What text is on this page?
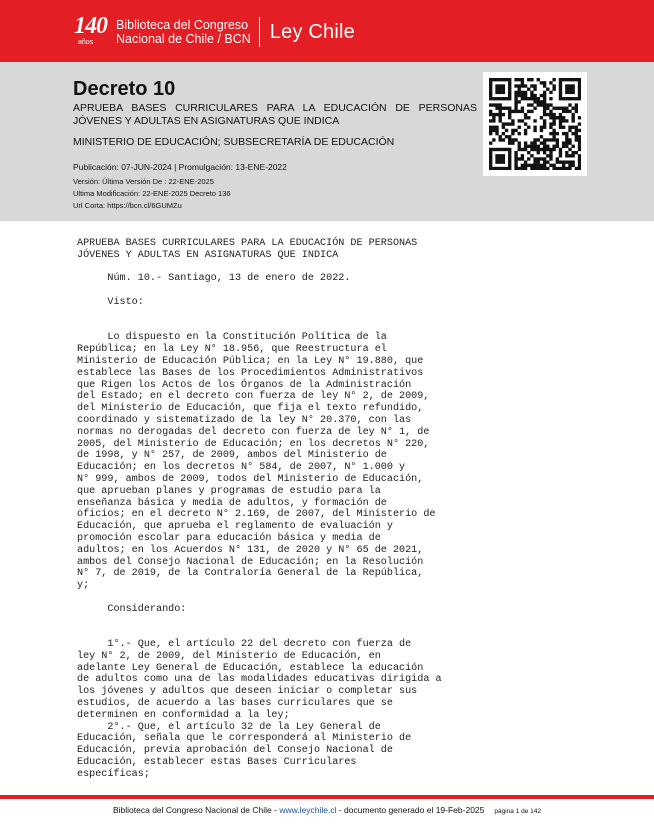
140
años
Biblioteca del Congreso
Nacional de Chile / BCN Ley Chile
Decreto 10
APRUEBA BASES CURRICULARES PARA LA EDUCACIÓN DE PERSONAS JÓVENES Y ADULTAS EN ASIGNATURAS QUE INDICA
MINISTERIO DE EDUCACIÓN; SUBSECRETARÍA DE EDUCACIÓN
Publicación: 07-JUN-2024 | Promulgación: 13-ENE-2022
Versión: Última Versión De : 22-ENE-2025
Ultima Modificación: 22-ENE-2025 Decreto 136
Url Corta: https://bcn.cl/6GUMZu
APRUEBA BASES CURRICULARES PARA LA EDUCACIÓN DE PERSONAS
JÓVENES Y ADULTAS EN ASIGNATURAS QUE INDICA

Núm. 10.- Santiago, 13 de enero de 2022.

Visto:

Lo dispuesto en la Constitución Política de la
República; en la Ley N° 18.956, que Reestructura el
Ministerio de Educación Pública; en la Ley N° 19.880, que
establece las Bases de los Procedimientos Administrativos
que Rigen los Actos de los Órganos de la Administración
del Estado; en el decreto con fuerza de ley N° 2, de 2009,
del Ministerio de Educación, que fija el texto refundido,
coordinado y sistematizado de la ley N° 20.370, con las
normas no derogadas del decreto con fuerza de ley N° 1, de
2005, del Ministerio de Educación; en los decretos N° 220,
de 1998, y N° 257, de 2009, ambos del Ministerio de
Educación; en los decretos N° 584, de 2007, N° 1.000 y
N° 999, ambos de 2009, todos del Ministerio de Educación,
que aprueban planes y programas de estudio para la
enseñanza básica y media de adultos, y formación de
oficios; en el decreto N° 2.169, de 2007, del Ministerio de
Educación, que aprueba el reglamento de evaluación y
promoción escolar para educación básica y media de
adultos; en los Acuerdos N° 131, de 2020 y N° 65 de 2021,
ambos del Consejo Nacional de Educación; en la Resolución
N° 7, de 2019, de la Contraloría General de la República,
y;

Considerando:

1°.- Que, el artículo 22 del decreto con fuerza de
ley N° 2, de 2009, del Ministerio de Educación, en
adelante Ley General de Educación, establece la educación
de adultos como una de las modalidades educativas dirigida a
los jóvenes y adultos que deseen iniciar o completar sus
estudios, de acuerdo a las bases curriculares que se
determinen en conformidad a la ley;
2°.- Que, el artículo 32 de la Ley General de
Educación, señala que le corresponderá al Ministerio de
Educación, previa aprobación del Consejo Nacional de
Educación, establecer estas Bases Curriculares
específicas;
Biblioteca del Congreso Nacional de Chile - www.leychile.cl - documento generado el 19-Feb-2025 página 1 de 142
